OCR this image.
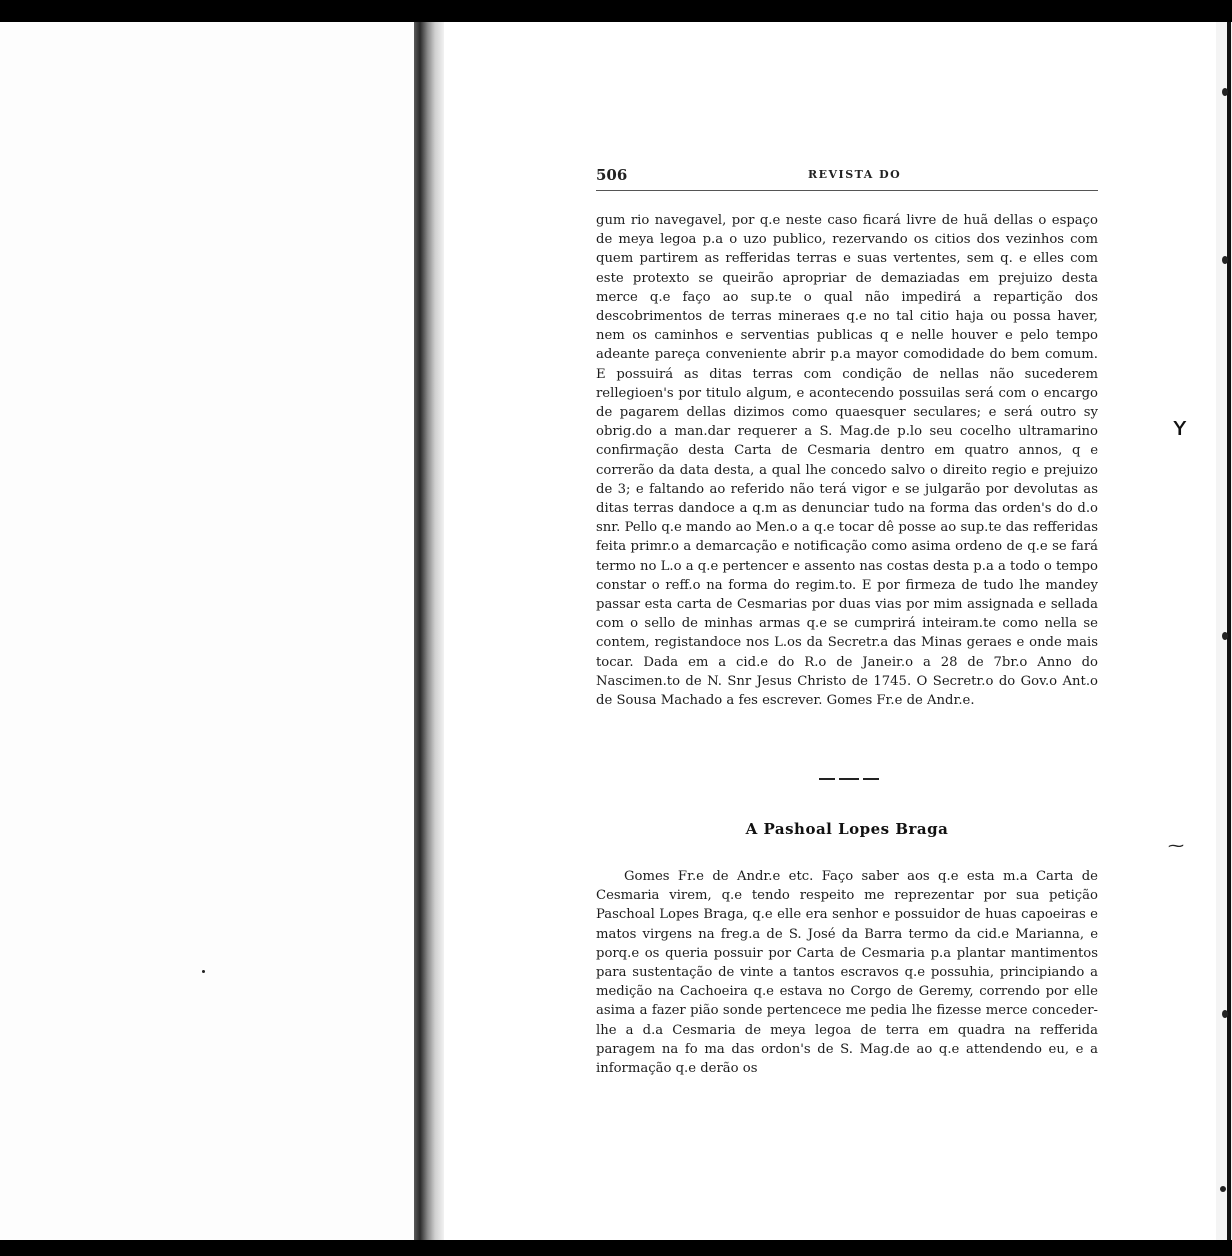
506	REVISTA DO

gum rio navegavel, por q.e neste caso ficará livre de huã dellas o espaço de meya legoa p.a o uzo publico, rezervando os citios dos vezinhos com quem partirem as refferidas terras e suas vertentes, sem q. e elles com este protexto se queirão apropriar de demaziadas em prejuizo desta merce q.e faço ao sup.te o qual não impedirá a repartição dos descobrimentos de terras mineraes q.e no tal citio haja ou possa haver, nem os caminhos e serventias publicas q e nelle houver e pelo tempo adeante pareça conveniente abrir p.a mayor comodidade do bem comum. E possuirá as ditas terras com condição de nellas não sucederem rellegioen's por titulo algum, e acontecendo possuilas será com o encargo de pagarem dellas dizimos como quaesquer seculares; e será outro sy obrig.do a man.dar requerer a S. Mag.de p.lo seu cocelho ultramarino confirmação desta Carta de Cesmaria dentro em quatro annos, q e correrão da data desta, a qual lhe concedo salvo o direito regio e prejuizo de 3; e faltando ao referido não terá vigor e se julgarão por devolutas as ditas terras dandoce a q.m as denunciar tudo na forma das orden's do d.o snr. Pello q.e mando ao Men.o a q.e tocar dê posse ao sup.te das refferidas feita primr.o a demarcação e notificação como asima ordeno de q.e se fará termo no L.o a q.e pertencer e assento nas costas desta p.a a todo o tempo constar o reff.o na forma do regim.to. E por firmeza de tudo lhe mandey passar esta carta de Cesmarias por duas vias por mim assignada e sellada com o sello de minhas armas q.e se cumprirá inteiram.te como nella se contem, registandoce nos L.os da Secretr.a das Minas geraes e onde mais tocar. Dada em a cid.e do R.o de Janeir.o a 28 de 7br.o Anno do Nascimen.to de N. Snr Jesus Christo de 1745. O Secretr.o do Gov.o Ant.o de Sousa Machado a fes escrever. Gomes Fr.e de Andr.e.

A Pashoal Lopes Braga

Gomes Fr.e de Andr.e etc. Faço saber aos q.e esta m.a Carta de Cesmaria virem, q.e tendo respeito me reprezentar por sua petição Paschoal Lopes Braga, q.e elle era senhor e possuidor de huas capoeiras e matos virgens na freg.a de S. José da Barra termo da cid.e Marianna, e porq.e os queria possuir por Carta de Cesmaria p.a plantar mantimentos para sustentação de vinte a tantos escravos q.e possuhia, principiando a medição na Cachoeira q.e estava no Corgo de Geremy, correndo por elle asima a fazer pião sonde pertencece me pedia lhe fizesse merce conceder-lhe a d.a Cesmaria de meya legoa de terra em quadra na refferida paragem na fo ma das ordon's de S. Mag.de ao q.e attendendo eu, e a informação q.e derão os

ʏ
⁓
